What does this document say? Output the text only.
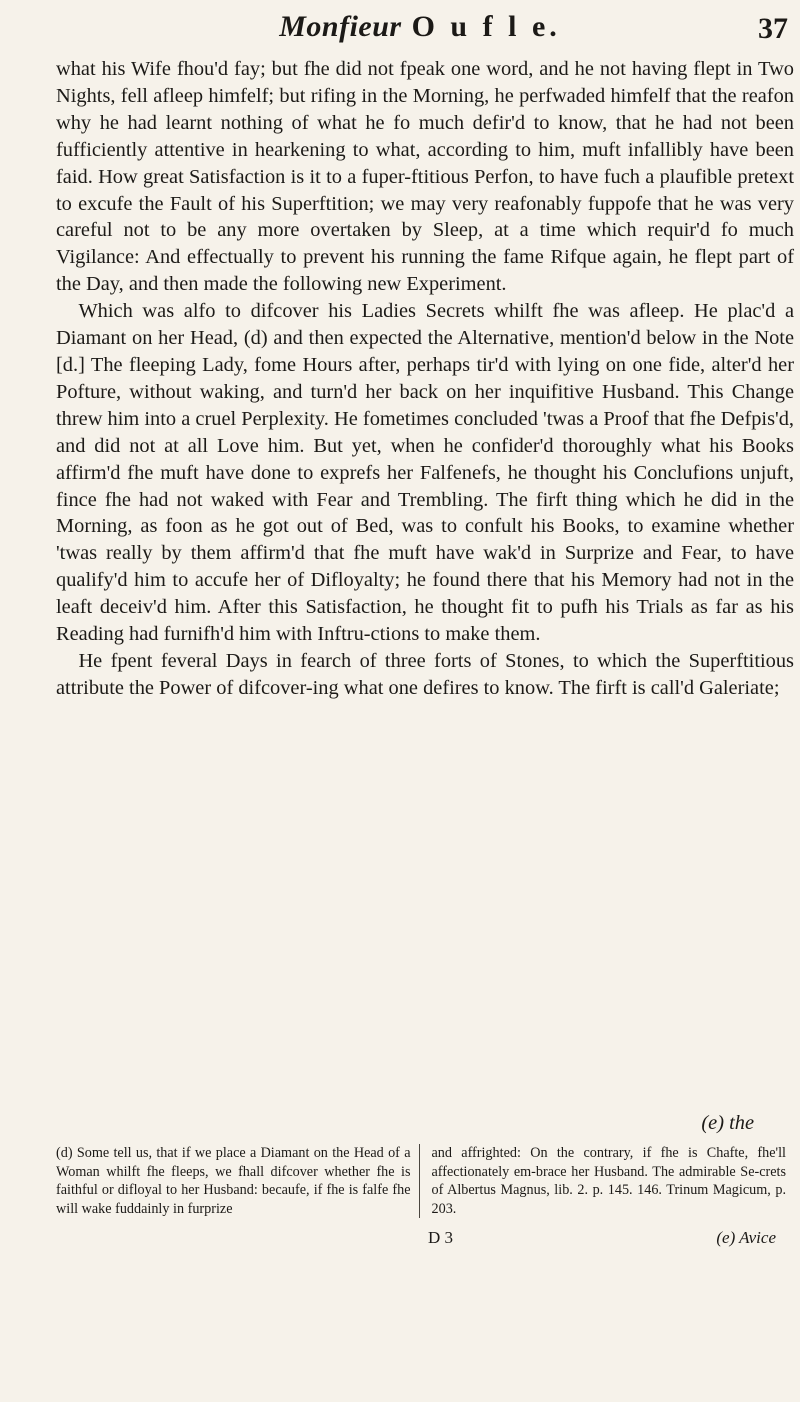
Monfieur O u f l e.	37

what his Wife fhou'd fay; but fhe did not fpeak one word, and he not having flept in Two Nights, fell afleep himfelf; but rifing in the Morning, he perfwaded himfelf that the reafon why he had learnt nothing of what he fo much defir'd to know, that he had not been fufficiently attentive in hearkening to what, according to him, muft infallibly have been faid. How great Satisfaction is it to a fuper-ftitious Perfon, to have fuch a plaufible pretext to excufe the Fault of his Superftition; we may very reafonably fuppofe that he was very careful not to be any more overtaken by Sleep, at a time which requir'd fo much Vigilance: And effectually to prevent his running the fame Rifque again, he flept part of the Day, and then made the following new Experiment.

Which was alfo to difcover his Ladies Secrets whilft fhe was afleep. He plac'd a Diamant on her Head, (d) and then expected the Alternative, mention'd below in the Note [d.] The fleeping Lady, fome Hours after, perhaps tir'd with lying on one fide, alter'd her Pofture, without waking, and turn'd her back on her inquifitive Husband. This Change threw him into a cruel Perplexity. He fometimes concluded 'twas a Proof that fhe Defpis'd, and did not at all Love him. But yet, when he confider'd thoroughly what his Books affirm'd fhe muft have done to exprefs her Falfenefs, he thought his Conclufions unjuft, fince fhe had not waked with Fear and Trembling. The firft thing which he did in the Morning, as foon as he got out of Bed, was to confult his Books, to examine whether 'twas really by them affirm'd that fhe muft have wak'd in Surprize and Fear, to have qualify'd him to accufe her of Difloyalty; he found there that his Memory had not in the leaft deceiv'd him. After this Satisfaction, he thought fit to pufh his Trials as far as his Reading had furnifh'd him with Inftru-ctions to make them.

He fpent feveral Days in fearch of three forts of Stones, to which the Superftitious attribute the Power of difcover-ing what one defires to know. The firft is call'd Galeriate;

(e) the
(d) Some tell us, that if we place a Diamant on the Head of a Woman whilft fhe fleeps, we fhall difcover whether fhe is faithful or difloyal to her Husband: becaufe, if fhe is falfe fhe will wake fuddainly in furprize
and affrighted: On the contrary, if fhe is Chafte, fhe'll affectionately em-brace her Husband. The admirable Se-crets of Albertus Magnus, lib. 2. p. 145. 146. Trinum Magicum, p. 203.
D 3	(e) Avice
